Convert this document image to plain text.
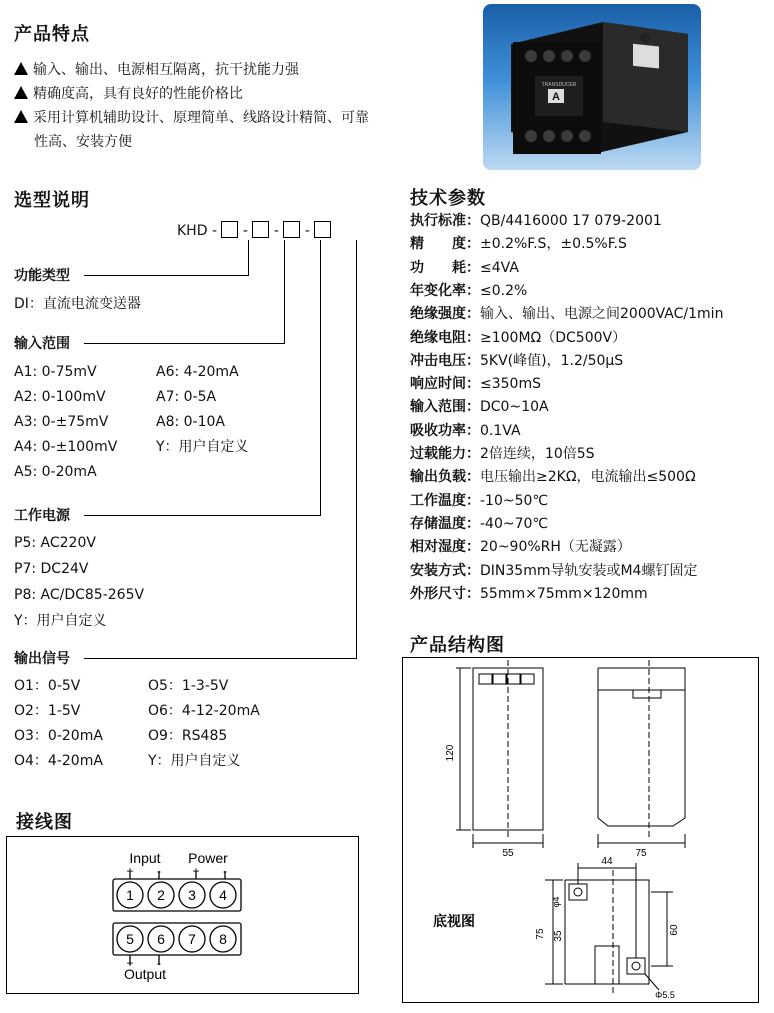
产品特点
输入、输出、电源相互隔离，抗干扰能力强
精确度高，具有良好的性能价格比
采用计算机辅助设计、原理简单、线路设计精简、可靠
性高、安装方便
A
TRANSDUCER
选型说明
KHD - - - -
功能类型
DI：直流电流变送器
输入范围
A1: 0-75mV
A2: 0-100mV
A3: 0-±75mV
A4: 0-±100mV
A5: 0-20mA
A6: 4-20mA
A7: 0-5A
A8: 0-10A
Y：用户自定义
工作电源
P5: AC220V
P7: DC24V
P8: AC/DC85-265V
Y：用户自定义
输出信号
O1：0-5V
O2：1-5V
O3：0-20mA
O4：4-20mA
O5：1-3-5V
O6：4-12-20mA
O9：RS485
Y：用户自定义
技术参数
执行标准：QB/4416000 17 079-2001
精　　度：±0.2%F.S，±0.5%F.S
功　　耗：≤4VA
年变化率：≤0.2%
绝缘强度：输入、输出、电源之间2000VAC/1min
绝缘电阻：≥100MΩ（DC500V）
冲击电压：5KV(峰值)，1.2/50μS
响应时间：≤350mS
输入范围：DC0~10A
吸收功率：0.1VA
过载能力：2倍连续，10倍5S
输出负载：电压输出≥2KΩ，电流输出≤500Ω
工作温度：-10~50℃
存储温度：-40~70℃
相对湿度：20~90%RH（无凝露）
安装方式：DIN35mm导轨安装或M4螺钉固定
外形尺寸：55mm×75mm×120mm
产品结构图
120
55	75
44
75 35
60
φ4
Φ5.5
底视图
接线图
Input Power
+ -	+ -
1 2 3 4
5 6 7 8
+ -
Output
